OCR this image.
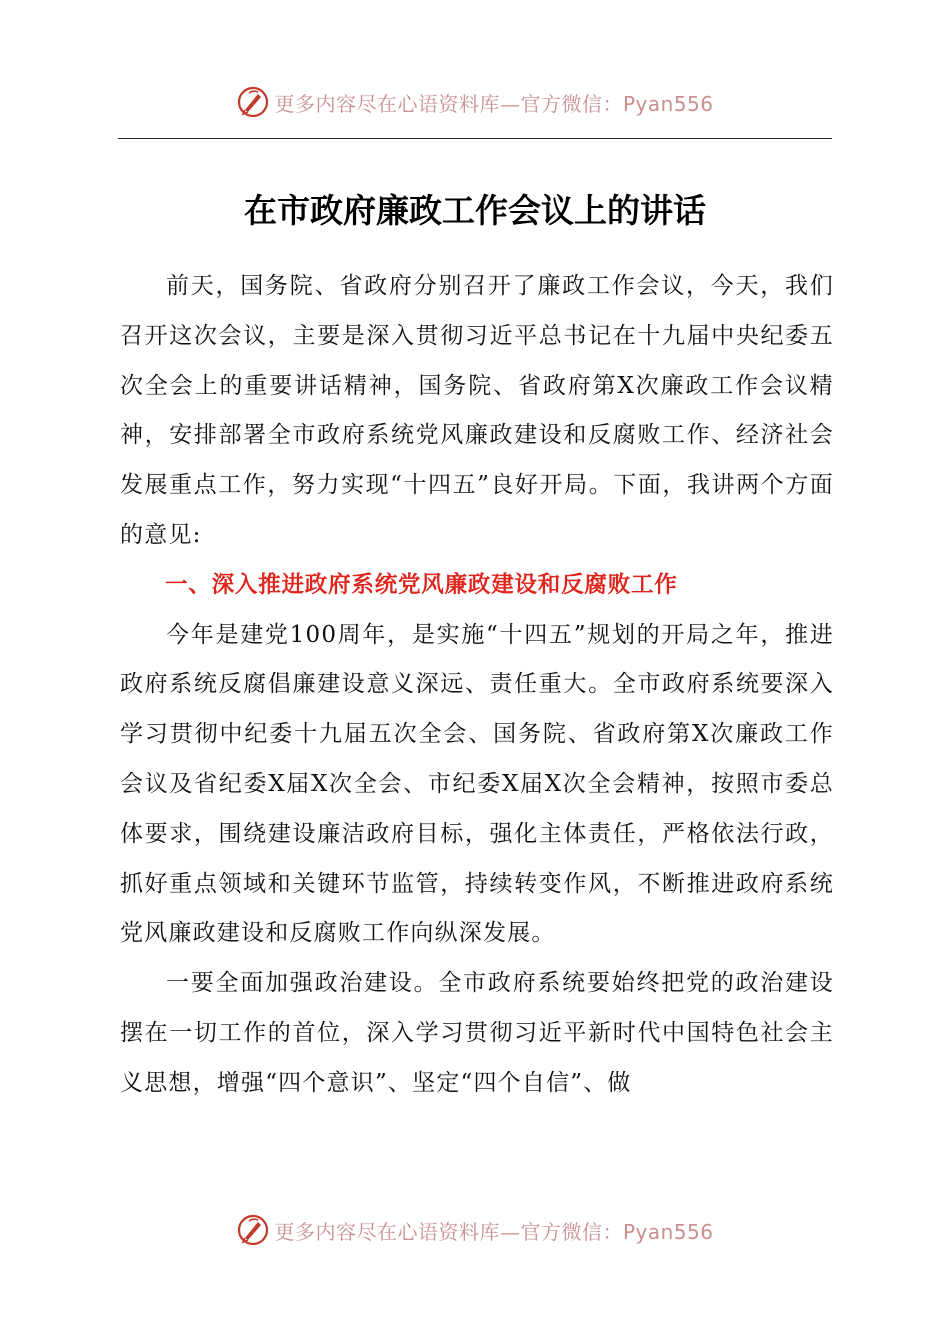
更多内容尽在心语资料库—官方微信：Pyan556
在市政府廉政工作会议上的讲话

前天，国务院、省政府分别召开了廉政工作会议，今天，我们召开这次会议，主要是深入贯彻习近平总书记在十九届中央纪委五次全会上的重要讲话精神，国务院、省政府第X次廉政工作会议精神，安排部署全市政府系统党风廉政建设和反腐败工作、经济社会发展重点工作，努力实现“十四五”良好开局。下面，我讲两个方面的意见:

一、深入推进政府系统党风廉政建设和反腐败工作

今年是建党100周年，是实施“十四五”规划的开局之年，推进政府系统反腐倡廉建设意义深远、责任重大。全市政府系统要深入学习贯彻中纪委十九届五次全会、国务院、省政府第X次廉政工作会议及省纪委X届X次全会、市纪委X届X次全会精神，按照市委总体要求，围绕建设廉洁政府目标，强化主体责任，严格依法行政，抓好重点领域和关键环节监管，持续转变作风，不断推进政府系统党风廉政建设和反腐败工作向纵深发展。

一要全面加强政治建设。全市政府系统要始终把党的政治建设摆在一切工作的首位，深入学习贯彻习近平新时代中国特色社会主义思想，增强“四个意识”、坚定“四个自信”、做

更多内容尽在心语资料库—官方微信：Pyan556
